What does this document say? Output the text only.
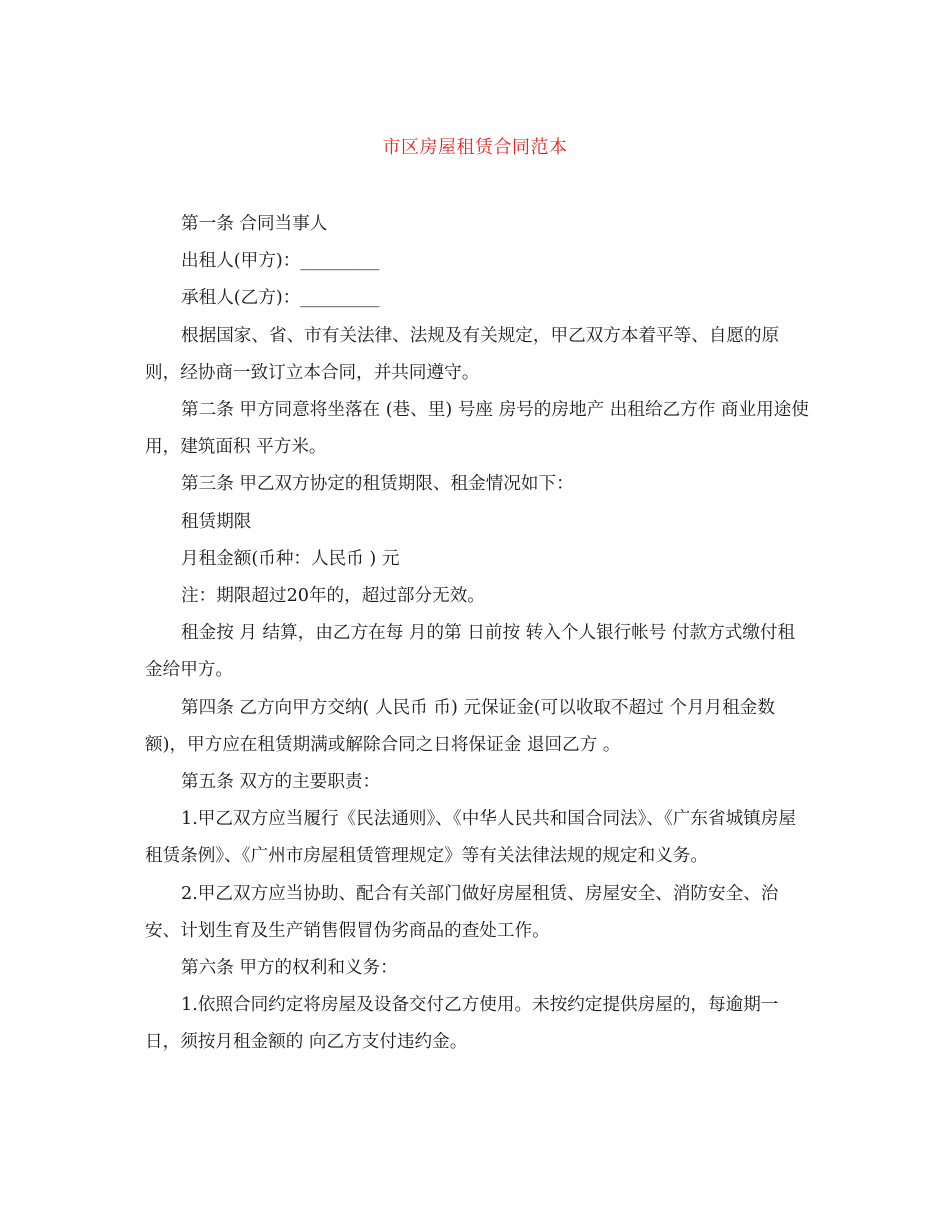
市区房屋租赁合同范本

第一条 合同当事人

出租人(甲方)：_________

承租人(乙方)：_________

根据国家、省、市有关法律、法规及有关规定，甲乙双方本着平等、自愿的原则，经协商一致订立本合同，并共同遵守。

第二条 甲方同意将坐落在 (巷、里) 号座 房号的房地产 出租给乙方作 商业用途使用，建筑面积 平方米。

第三条 甲乙双方协定的租赁期限、租金情况如下：

租赁期限

月租金额(币种：人民币 ) 元

注：期限超过20年的，超过部分无效。

租金按 月 结算，由乙方在每 月的第 日前按 转入个人银行帐号 付款方式缴付租金给甲方。

第四条 乙方向甲方交纳( 人民币 币) 元保证金(可以收取不超过 个月月租金数额)，甲方应在租赁期满或解除合同之日将保证金 退回乙方 。

第五条 双方的主要职责：

1.甲乙双方应当履行《民法通则》、《中华人民共和国合同法》、《广东省城镇房屋租赁条例》、《广州市房屋租赁管理规定》等有关法律法规的规定和义务。

2.甲乙双方应当协助、配合有关部门做好房屋租赁、房屋安全、消防安全、治安、计划生育及生产销售假冒伪劣商品的查处工作。

第六条 甲方的权利和义务：

1.依照合同约定将房屋及设备交付乙方使用。未按约定提供房屋的，每逾期一日，须按月租金额的 向乙方支付违约金。
